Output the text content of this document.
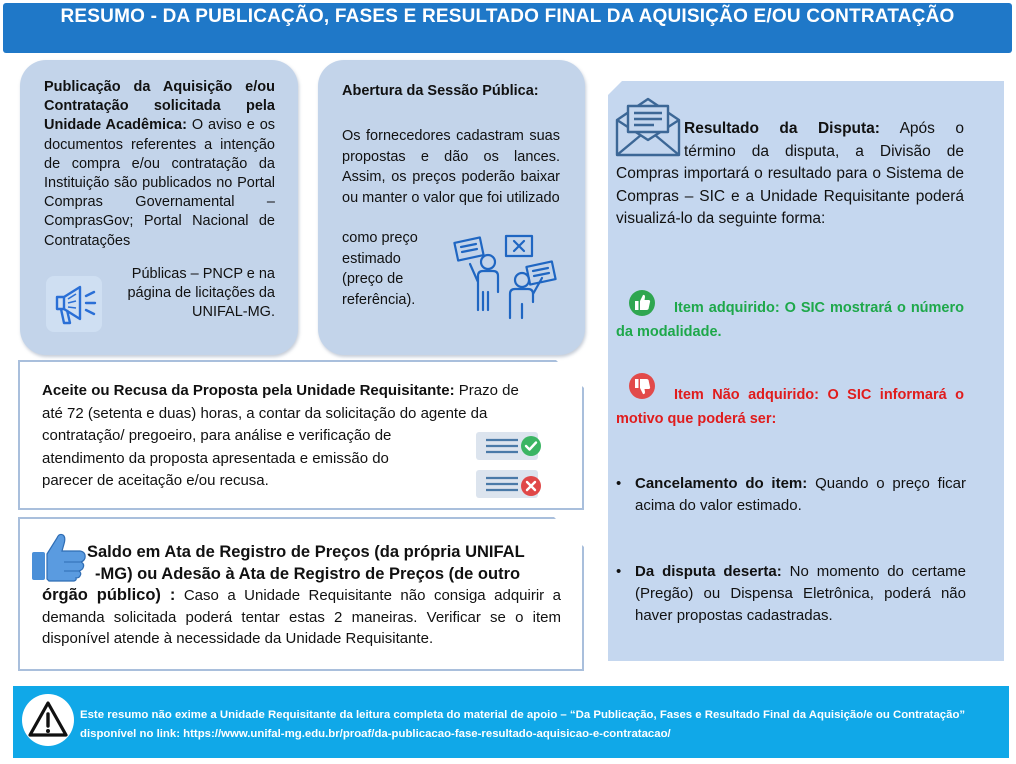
RESUMO - DA PUBLICAÇÃO, FASES E RESULTADO FINAL DA AQUISIÇÃO E/OU CONTRATAÇÃO
Publicação da Aquisição e/ou Contratação solicitada pela Unidade Acadêmica: O aviso e os documentos referentes a intenção de compra e/ou contratação da Instituição são publicados no Portal Compras Governamental – ComprasGov; Portal Nacional de Contratações
Públicas – PNCP e na página de licitações da UNIFAL-MG.
Abertura da Sessão Pública:
Os fornecedores cadastram suas propostas e dão os lances. Assim, os preços poderão baixar ou manter o valor que foi utilizado
como preço estimado (preço de referência).
Resultado da Disputa: Após o término da disputa, a Divisão de Compras importará o resultado para o Sistema de Compras – SIC e a Unidade Requisitante poderá visualizá-lo da seguinte forma:
Item adquirido: O SIC mostrará o número da modalidade.
Item Não adquirido: O SIC informará o motivo que poderá ser:
• Cancelamento do item: Quando o preço ficar acima do valor estimado.
• Da disputa deserta: No momento do certame (Pregão) ou Dispensa Eletrônica, poderá não haver propostas cadastradas.
Aceite ou Recusa da Proposta pela Unidade Requisitante: Prazo de
até 72 (setenta e duas) horas, a contar da solicitação do agente da
contratação/ pregoeiro, para análise e verificação de
atendimento da proposta apresentada e emissão do
parecer de aceitação e/ou recusa.
Saldo em Ata de Registro de Preços (da própria UNIFAL
-MG) ou Adesão à Ata de Registro de Preços (de outro
órgão público) : Caso a Unidade Requisitante não consiga adquirir a demanda solicitada poderá tentar estas 2 maneiras. Verificar se o item disponível atende à necessidade da Unidade Requisitante.
Este resumo não exime a Unidade Requisitante da leitura completa do material de apoio – “Da Publicação, Fases e Resultado Final da Aquisição/e ou Contratação” disponível no link: https://www.unifal-mg.edu.br/proaf/da-publicacao-fase-resultado-aquisicao-e-contratacao/
